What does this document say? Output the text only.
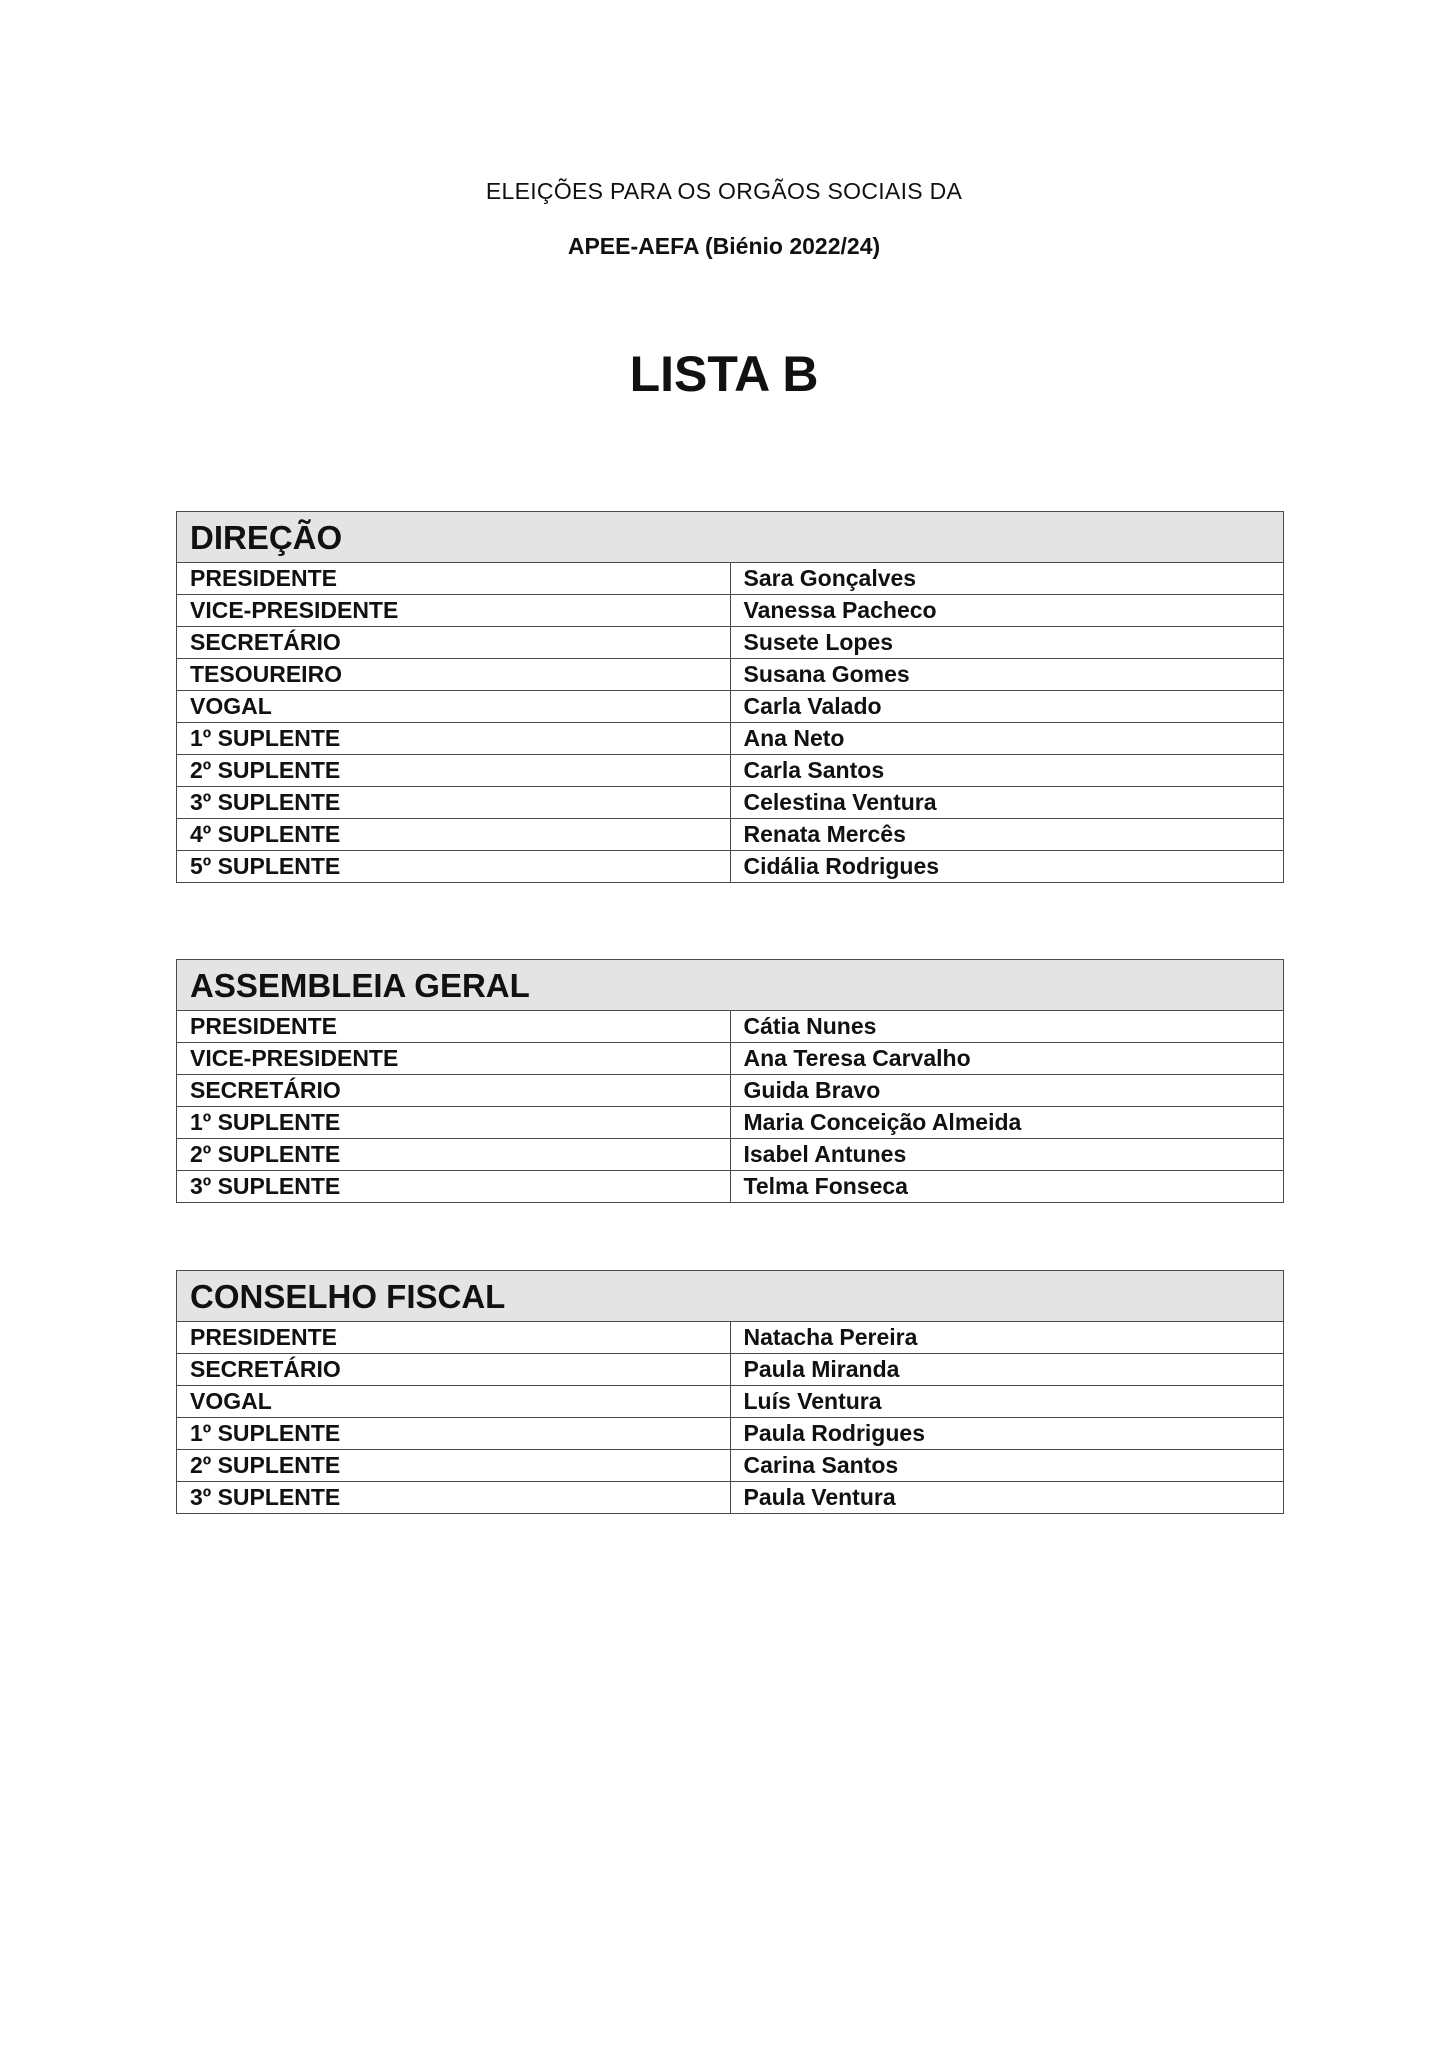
ELEIÇÕES PARA OS ORGÃOS SOCIAIS DA
APEE-AEFA (Biénio 2022/24)
LISTA B
DIREÇÃO	
PRESIDENTE	Sara Gonçalves
VICE-PRESIDENTE	Vanessa Pacheco
SECRETÁRIO	Susete Lopes
TESOUREIRO	Susana Gomes
VOGAL	Carla Valado
1º SUPLENTE	Ana Neto
2º SUPLENTE	Carla Santos
3º SUPLENTE	Celestina Ventura
4º SUPLENTE	Renata Mercês
5º SUPLENTE	Cidália Rodrigues
ASSEMBLEIA GERAL	
PRESIDENTE	Cátia Nunes
VICE-PRESIDENTE	Ana Teresa Carvalho
SECRETÁRIO	Guida Bravo
1º SUPLENTE	Maria Conceição Almeida
2º SUPLENTE	Isabel Antunes
3º SUPLENTE	Telma Fonseca
CONSELHO FISCAL	
PRESIDENTE	Natacha Pereira
SECRETÁRIO	Paula Miranda
VOGAL	Luís Ventura
1º SUPLENTE	Paula Rodrigues
2º SUPLENTE	Carina Santos
3º SUPLENTE	Paula Ventura
